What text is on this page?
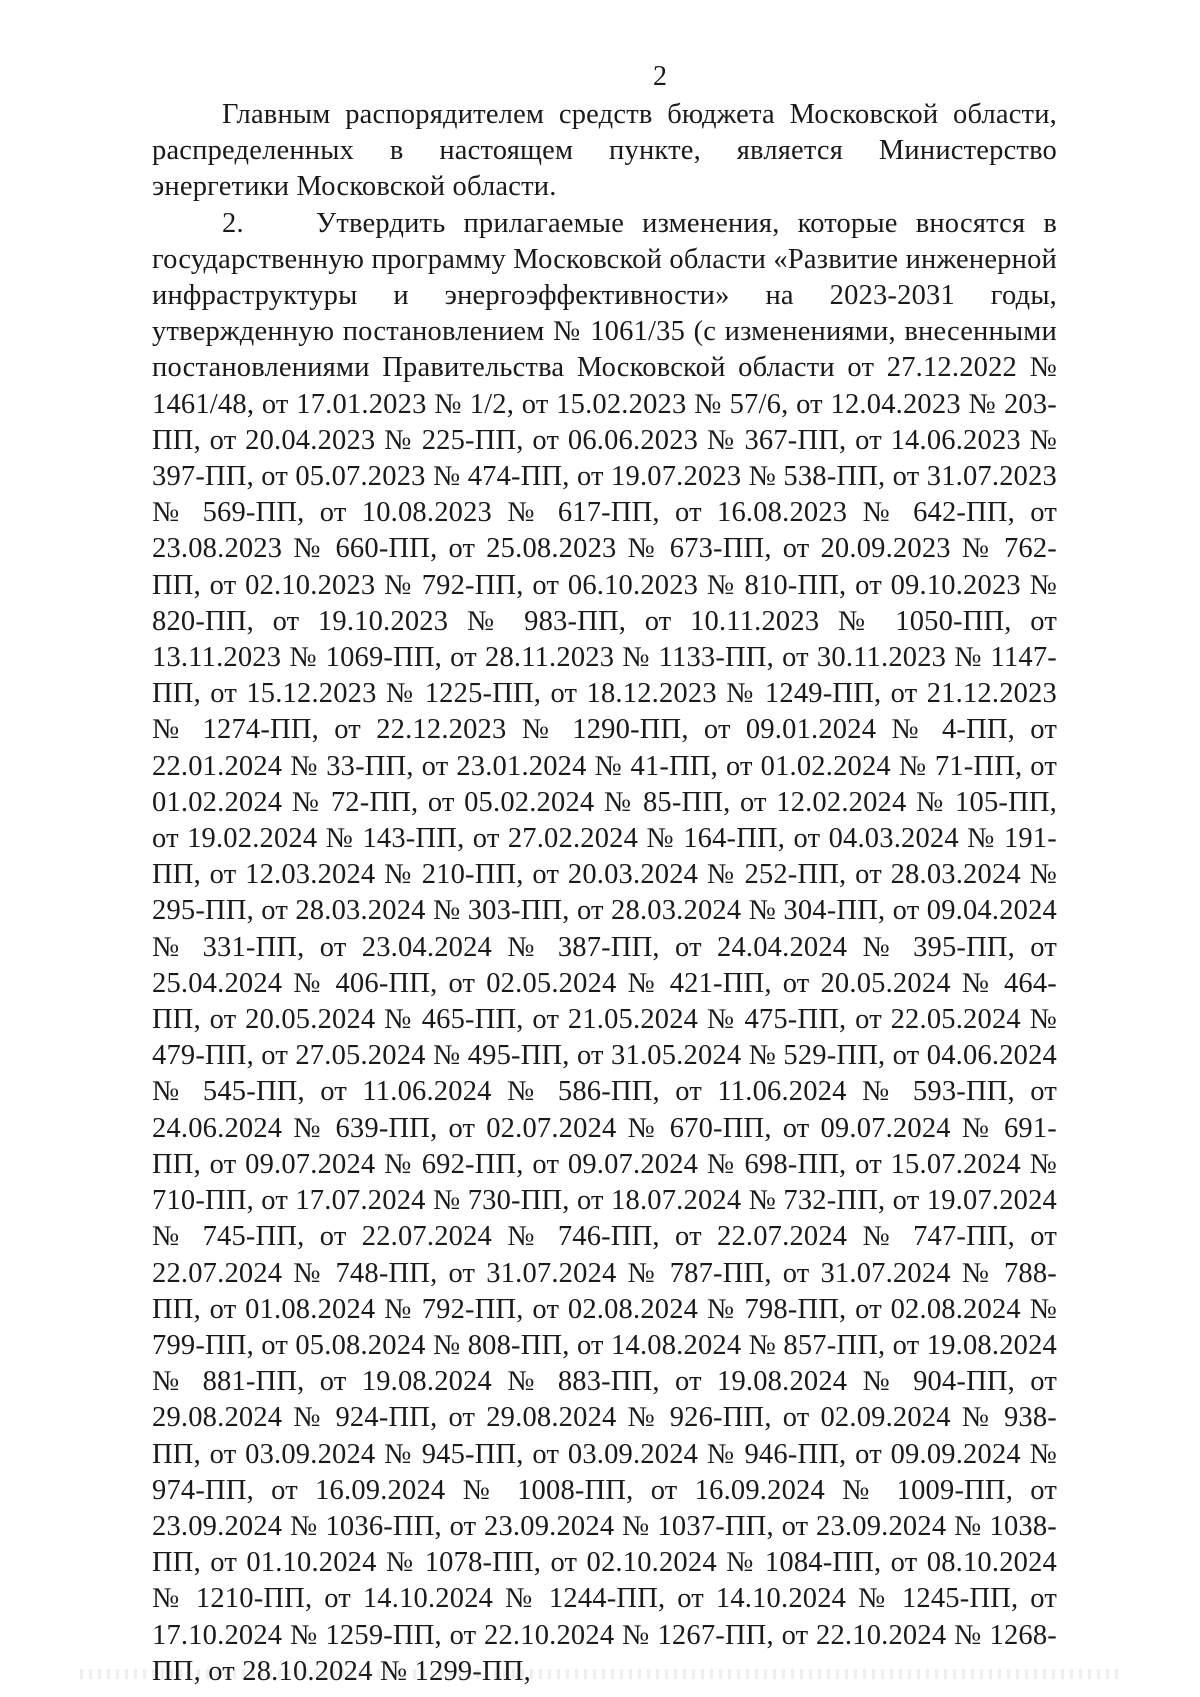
2

Главным распорядителем средств бюджета Московской области, распределенных в настоящем пункте, является Министерство энергетики Московской области.

2.	Утвердить прилагаемые изменения, которые вносятся в государственную программу Московской области «Развитие инженерной инфраструктуры и энергоэффективности» на 2023-2031 годы, утвержденную постановлением № 1061/35 (с изменениями, внесенными постановлениями Правительства Московской области от 27.12.2022 № 1461/48, от 17.01.2023 № 1/2, от 15.02.2023 № 57/6, от 12.04.2023 № 203-ПП, от 20.04.2023 № 225-ПП, от 06.06.2023 № 367-ПП, от 14.06.2023 № 397-ПП, от 05.07.2023 № 474-ПП, от 19.07.2023 № 538-ПП, от 31.07.2023 № 569-ПП, от 10.08.2023 № 617-ПП, от 16.08.2023 № 642-ПП, от 23.08.2023 № 660-ПП, от 25.08.2023 № 673-ПП, от 20.09.2023 № 762-ПП, от 02.10.2023 № 792-ПП, от 06.10.2023 № 810-ПП, от 09.10.2023 № 820-ПП, от 19.10.2023 № 983-ПП, от 10.11.2023 № 1050-ПП, от 13.11.2023 № 1069-ПП, от 28.11.2023 № 1133-ПП, от 30.11.2023 № 1147-ПП, от 15.12.2023 № 1225-ПП, от 18.12.2023 № 1249-ПП, от 21.12.2023 № 1274-ПП, от 22.12.2023 № 1290-ПП, от 09.01.2024 № 4-ПП, от 22.01.2024 № 33-ПП, от 23.01.2024 № 41-ПП, от 01.02.2024 № 71-ПП, от 01.02.2024 № 72-ПП, от 05.02.2024 № 85-ПП, от 12.02.2024 № 105-ПП, от 19.02.2024 № 143-ПП, от 27.02.2024 № 164-ПП, от 04.03.2024 № 191-ПП, от 12.03.2024 № 210-ПП, от 20.03.2024 № 252-ПП, от 28.03.2024 № 295-ПП, от 28.03.2024 № 303-ПП, от 28.03.2024 № 304-ПП, от 09.04.2024 № 331-ПП, от 23.04.2024 № 387-ПП, от 24.04.2024 № 395-ПП, от 25.04.2024 № 406-ПП, от 02.05.2024 № 421-ПП, от 20.05.2024 № 464-ПП, от 20.05.2024 № 465-ПП, от 21.05.2024 № 475-ПП, от 22.05.2024 № 479-ПП, от 27.05.2024 № 495-ПП, от 31.05.2024 № 529-ПП, от 04.06.2024 № 545-ПП, от 11.06.2024 № 586-ПП, от 11.06.2024 № 593-ПП, от 24.06.2024 № 639-ПП, от 02.07.2024 № 670-ПП, от 09.07.2024 № 691-ПП, от 09.07.2024 № 692-ПП, от 09.07.2024 № 698-ПП, от 15.07.2024 № 710-ПП, от 17.07.2024 № 730-ПП, от 18.07.2024 № 732-ПП, от 19.07.2024 № 745-ПП, от 22.07.2024 № 746-ПП, от 22.07.2024 № 747-ПП, от 22.07.2024 № 748-ПП, от 31.07.2024 № 787-ПП, от 31.07.2024 № 788-ПП, от 01.08.2024 № 792-ПП, от 02.08.2024 № 798-ПП, от 02.08.2024 № 799-ПП, от 05.08.2024 № 808-ПП, от 14.08.2024 № 857-ПП, от 19.08.2024 № 881-ПП, от 19.08.2024 № 883-ПП, от 19.08.2024 № 904-ПП, от 29.08.2024 № 924-ПП, от 29.08.2024 № 926-ПП, от 02.09.2024 № 938-ПП, от 03.09.2024 № 945-ПП, от 03.09.2024 № 946-ПП, от 09.09.2024 № 974-ПП, от 16.09.2024 № 1008-ПП, от 16.09.2024 № 1009-ПП, от 23.09.2024 № 1036-ПП, от 23.09.2024 № 1037-ПП, от 23.09.2024 № 1038-ПП, от 01.10.2024 № 1078-ПП, от 02.10.2024 № 1084-ПП, от 08.10.2024 № 1210-ПП, от 14.10.2024 № 1244-ПП, от 14.10.2024 № 1245-ПП, от 17.10.2024 № 1259-ПП, от 22.10.2024 № 1267-ПП, от 22.10.2024 № 1268-ПП, от 28.10.2024 № 1299-ПП,
